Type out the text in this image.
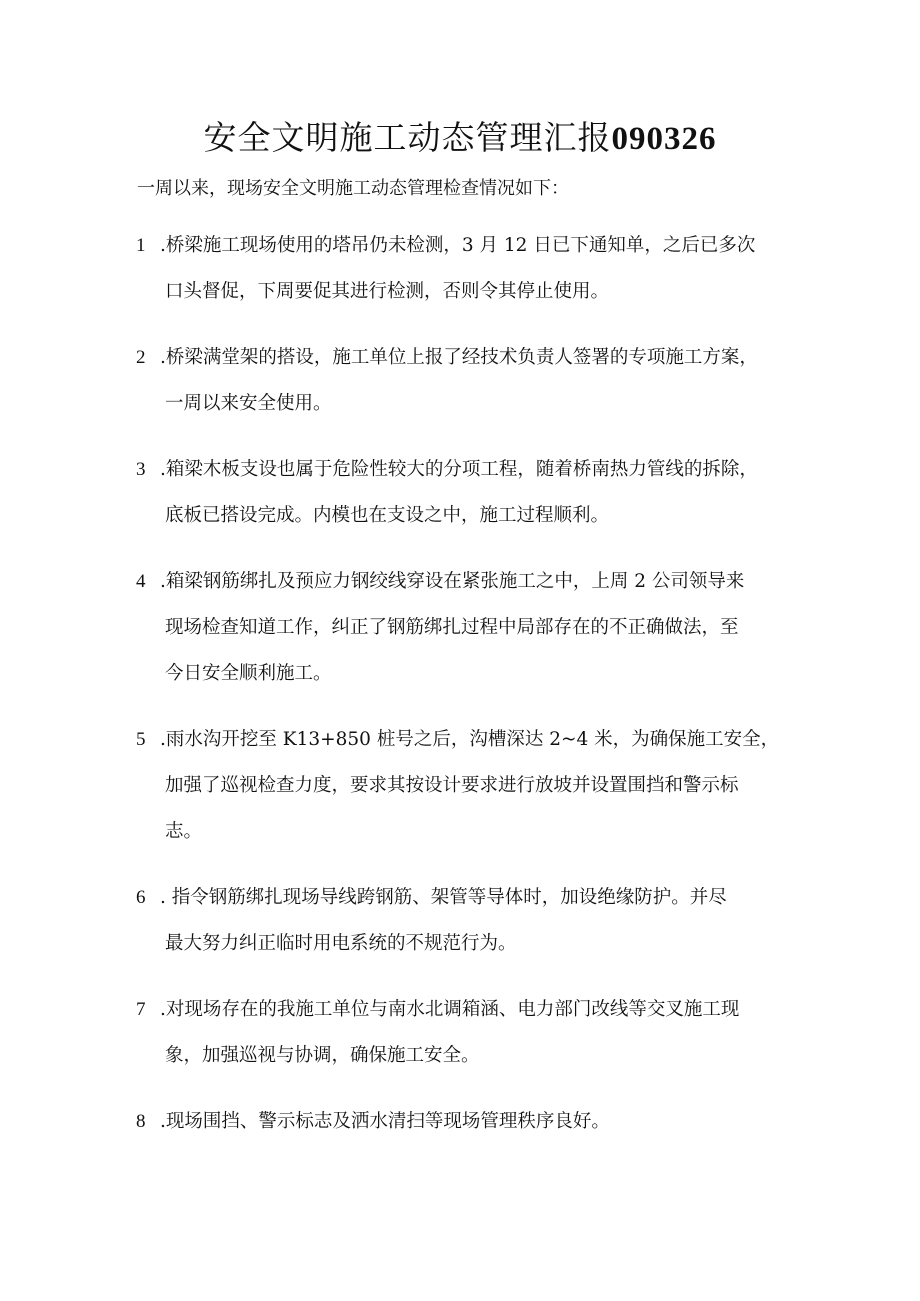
安全文明施工动态管理汇报090326
一周以来，现场安全文明施工动态管理检查情况如下：
1 .桥梁施工现场使用的塔吊仍未检测，3 月 12 日已下通知单，之后已多次
口头督促，下周要促其进行检测，否则令其停止使用。
2 .桥梁满堂架的搭设，施工单位上报了经技术负责人签署的专项施工方案，
一周以来安全使用。
3 .箱梁木板支设也属于危险性较大的分项工程，随着桥南热力管线的拆除，
底板已搭设完成。内模也在支设之中，施工过程顺利。
4 .箱梁钢筋绑扎及预应力钢绞线穿设在紧张施工之中，上周 2 公司领导来
现场检查知道工作，纠正了钢筋绑扎过程中局部存在的不正确做法，至
今日安全顺利施工。
5 .雨水沟开挖至 K13+850 桩号之后，沟槽深达 2~4 米，为确保施工安全，
加强了巡视检查力度，要求其按设计要求进行放坡并设置围挡和警示标
志。
6 . 指令钢筋绑扎现场导线跨钢筋、架管等导体时，加设绝缘防护。并尽
最大努力纠正临时用电系统的不规范行为。
7 .对现场存在的我施工单位与南水北调箱涵、电力部门改线等交叉施工现
象，加强巡视与协调，确保施工安全。
8 .现场围挡、警示标志及洒水清扫等现场管理秩序良好。
